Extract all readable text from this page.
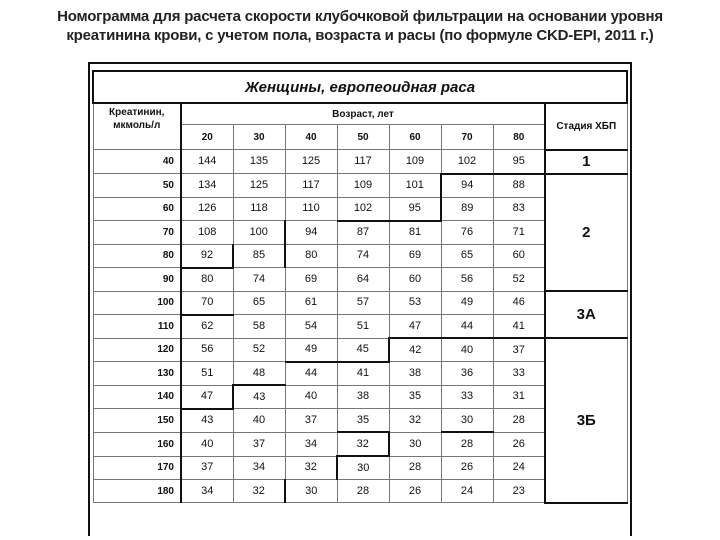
Номограмма для расчета скорости клубочковой фильтрации на основании уровня
креатинина крови, с учетом пола, возраста и расы (по формуле CKD-EPI, 2011 г.)
Женщины, европеоидная раса								
Креатинин, мкмоль/л	Возраст, лет							Стадия ХБП
	20	30	40	50	60	70	80	
40	144	135	125	117	109	102	95	1
50	134	125	117	109	101	94	88	2
60	126	118	110	102	95	89	83	
70	108	100	94	87	81	76	71	
80	92	85	80	74	69	65	60	
90	80	74	69	64	60	56	52	
100	70	65	61	57	53	49	46	3А
110	62	58	54	51	47	44	41	
120	56	52	49	45	42	40	37	3Б
130	51	48	44	41	38	36	33	
140	47	43	40	38	35	33	31	
150	43	40	37	35	32	30	28	
160	40	37	34	32	30	28	26	
170	37	34	32	30	28	26	24	
180	34	32	30	28	26	24	23	
